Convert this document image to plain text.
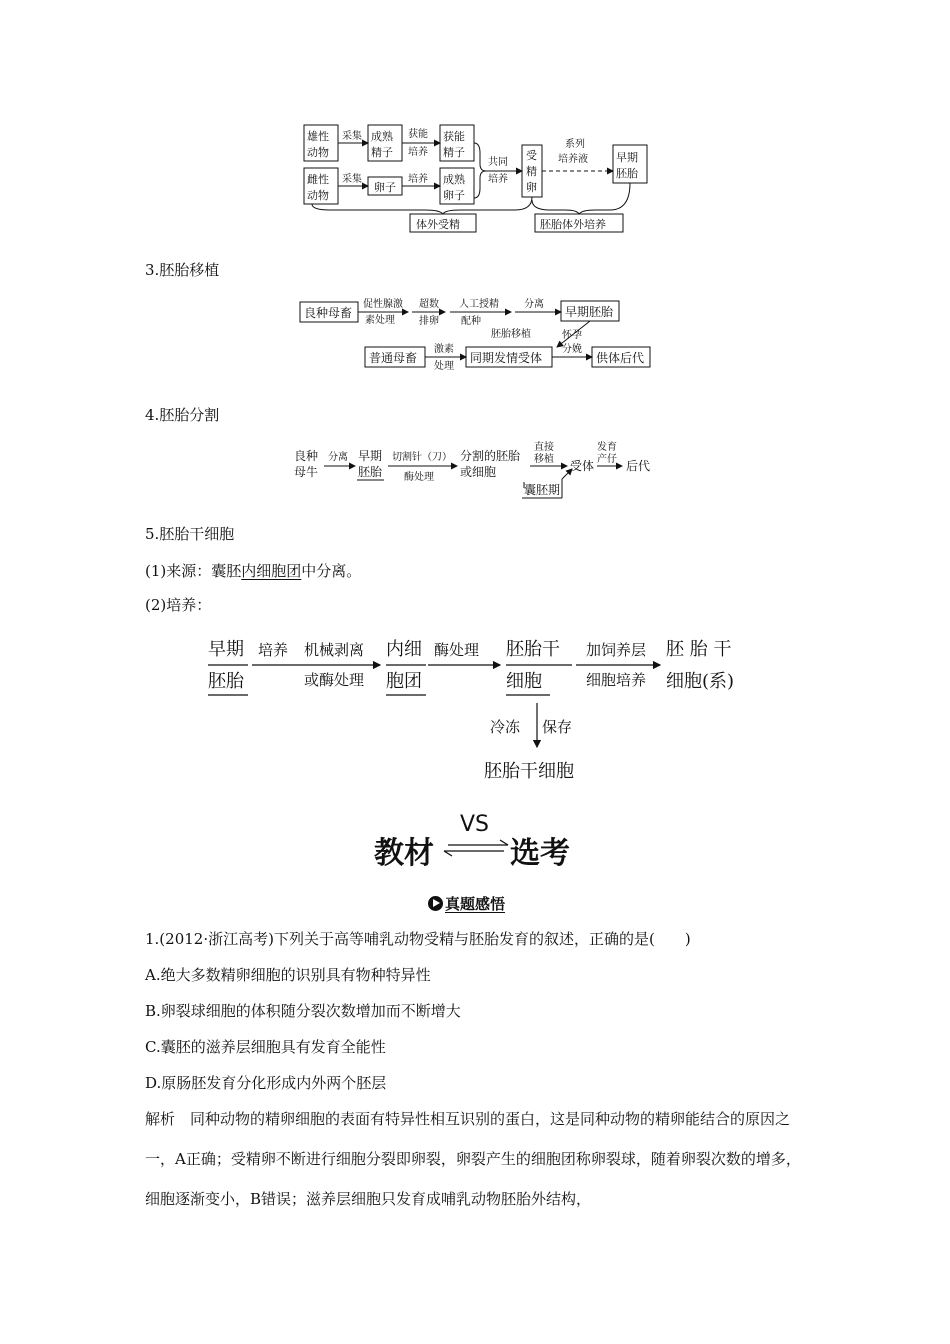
雄性
动物
成熟
精子
获能
精子
雌性
动物
卵子
成熟
卵子
受
精
卵
早期
胚胎
采集	获能
培养
采集	培养
共同
培养
系列
培养液
体外受精	胚胎体外培养
3.胚胎移植
良种母畜	早期胚胎
普通母畜	同期发情受体	供体后代
促性腺激
素处理
超数
排卵
人工授精
配种
分离
胚胎移植
激素
处理
怀孕
分娩
4.胚胎分割
良种
母牛
分离 早期
胚胎
切割针（刀）
酶处理
分割的胚胎
或细胞
直接
移植 受体
发育
产仔 后代
囊胚期
5.胚胎干细胞
(1)来源：囊胚内细胞团中分离。
(2)培养：
早期
胚胎
培养 机械剥离
或酶处理
内细
胞团
酶处理 胚胎干
细胞
加饲养层
细胞培养
胚 胎 干
细胞(系)
冷冻 保存
胚胎干细胞
教材
VS
选考
真题感悟
1.(2012·浙江高考)下列关于高等哺乳动物受精与胚胎发育的叙述，正确的是(　　)
A.绝大多数精卵细胞的识别具有物种特异性
B.卵裂球细胞的体积随分裂次数增加而不断增大
C.囊胚的滋养层细胞具有发育全能性
D.原肠胚发育分化形成内外两个胚层
解析　同种动物的精卵细胞的表面有特异性相互识别的蛋白，这是同种动物的精卵能结合的原因之一，A正确；受精卵不断进行细胞分裂即卵裂，卵裂产生的细胞团称卵裂球，随着卵裂次数的增多，细胞逐渐变小，B错误；滋养层细胞只发育成哺乳动物胚胎外结构，
